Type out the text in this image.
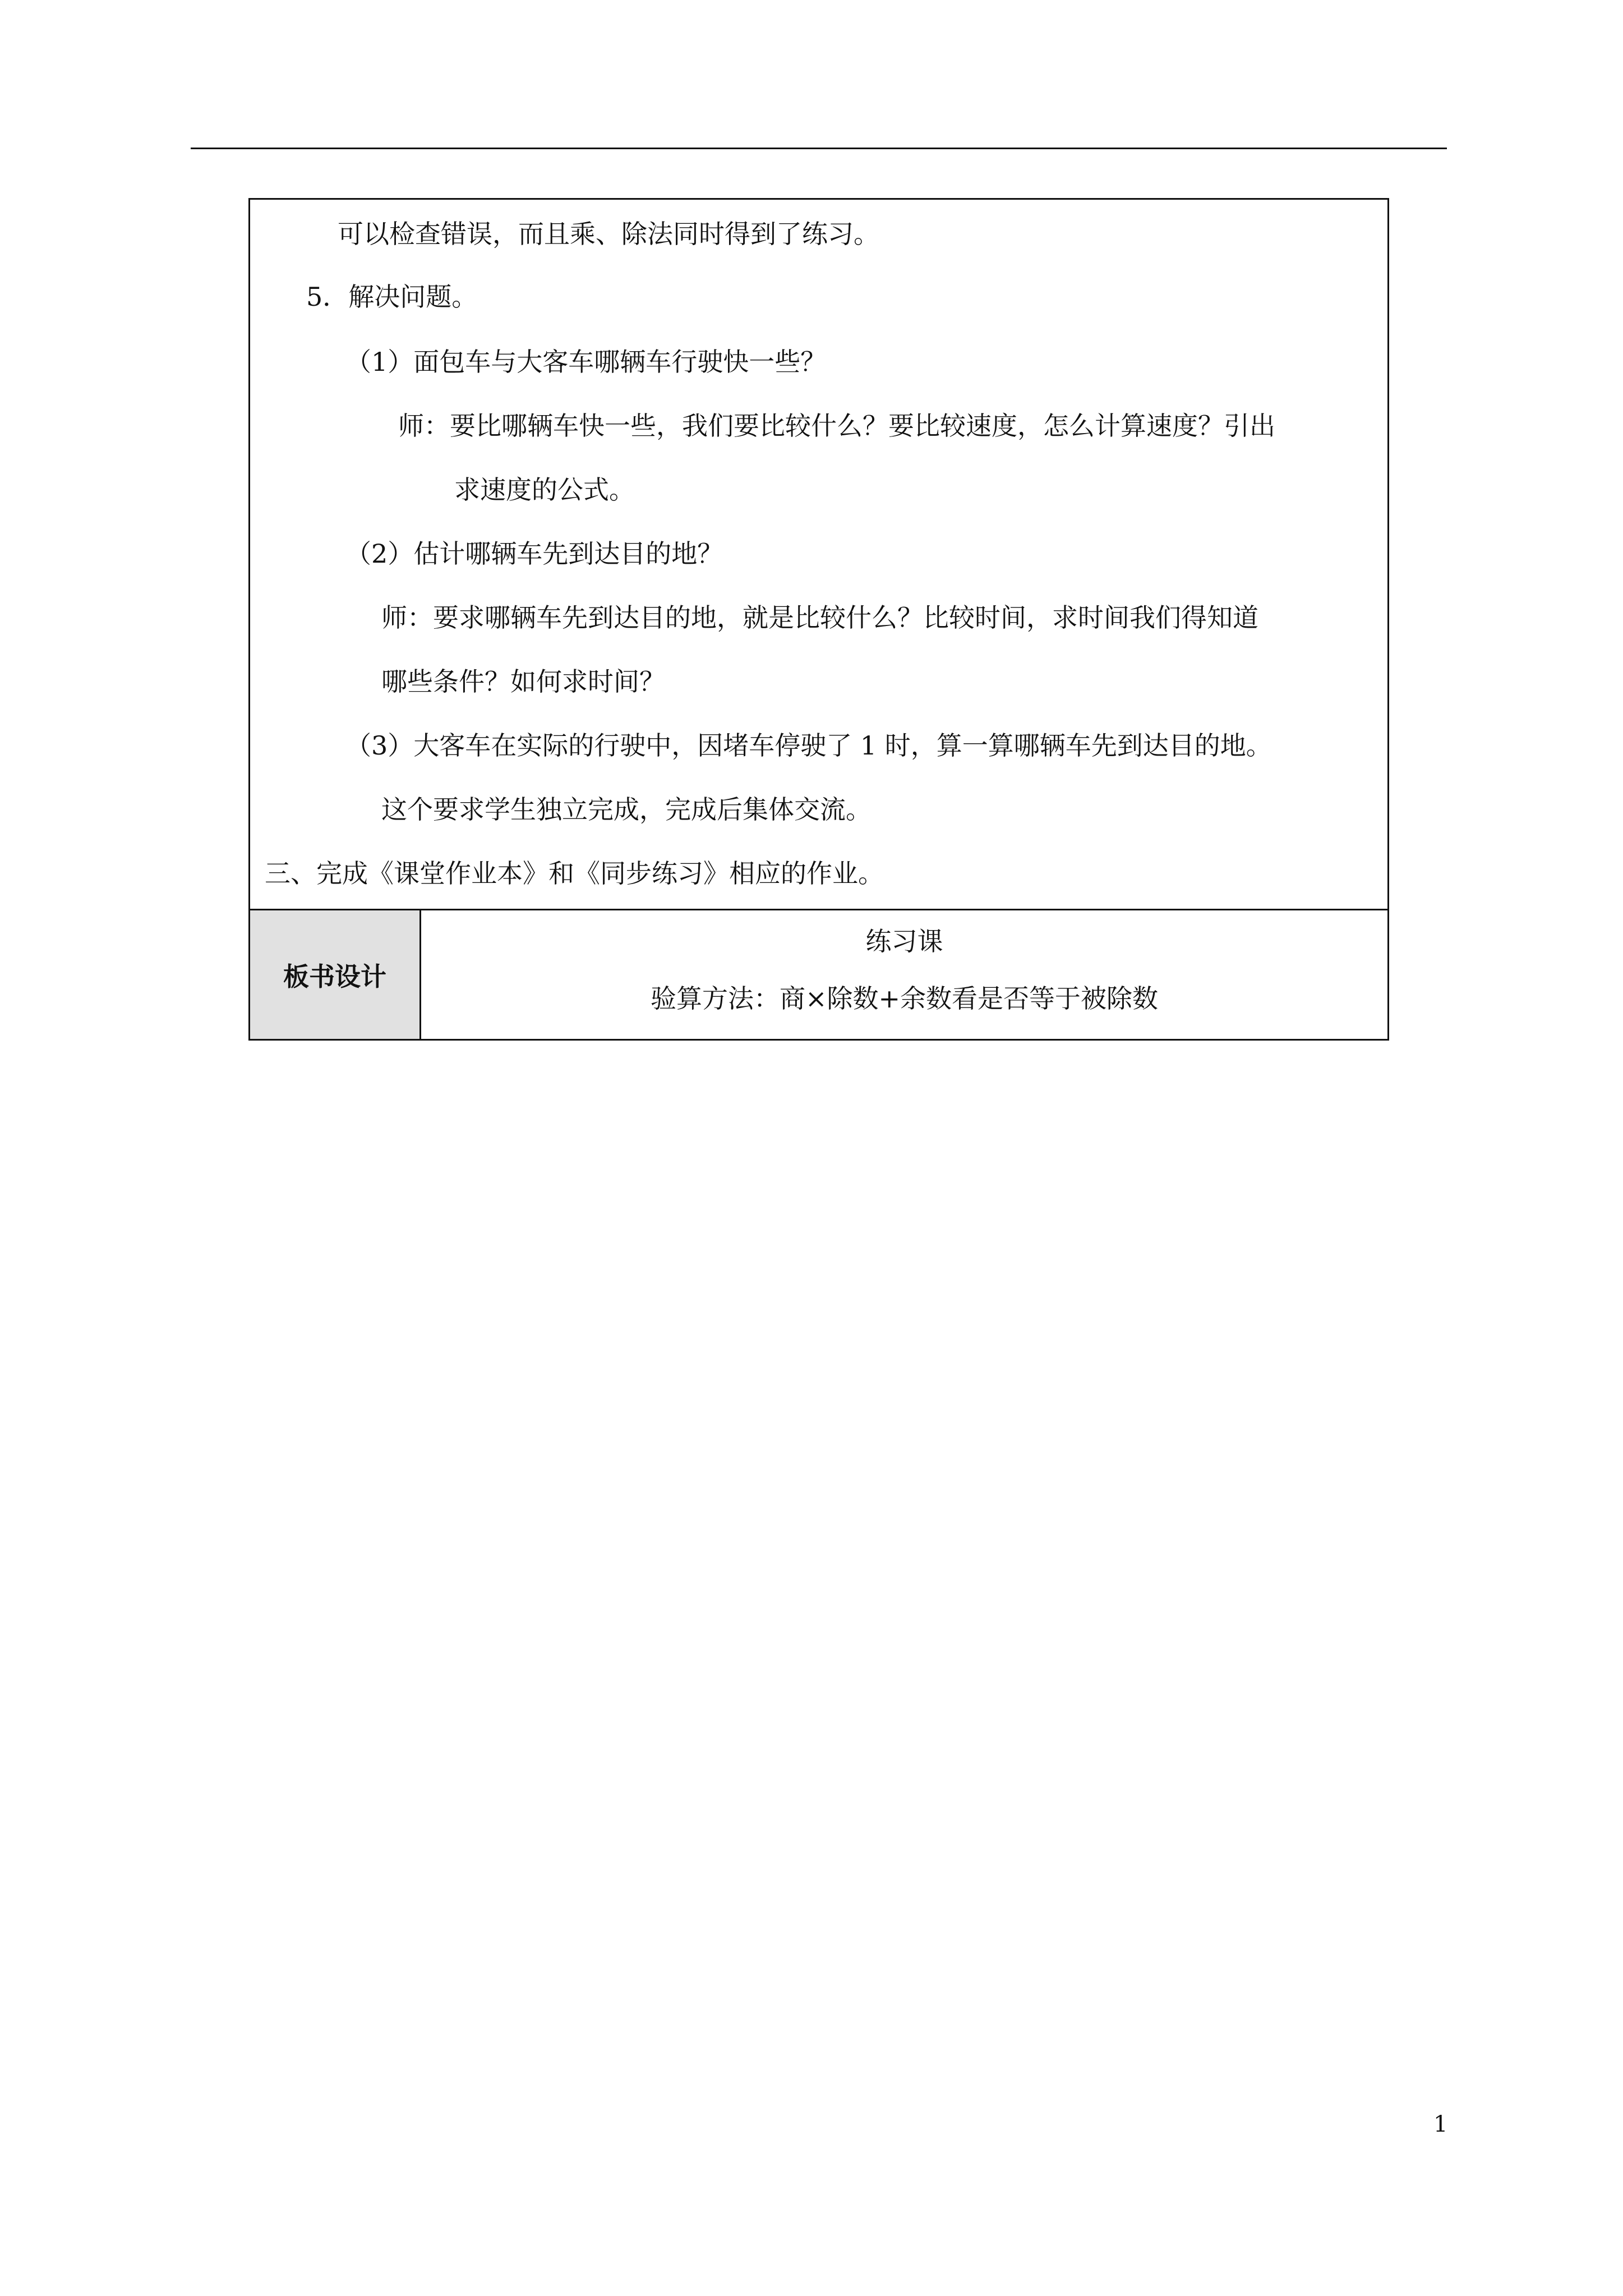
可以检查错误，而且乘、除法同时得到了练习。
5．解决问题。
（1）面包车与大客车哪辆车行驶快一些？
师：要比哪辆车快一些，我们要比较什么？要比较速度，怎么计算速度？引出
求速度的公式。
（2）估计哪辆车先到达目的地？
师：要求哪辆车先到达目的地，就是比较什么？比较时间，求时间我们得知道
哪些条件？如何求时间？
（3）大客车在实际的行驶中，因堵车停驶了 1 时，算一算哪辆车先到达目的地。
这个要求学生独立完成，完成后集体交流。
三、完成《课堂作业本》和《同步练习》相应的作业。
板书设计
练习课
验算方法：商×除数+余数看是否等于被除数
1
